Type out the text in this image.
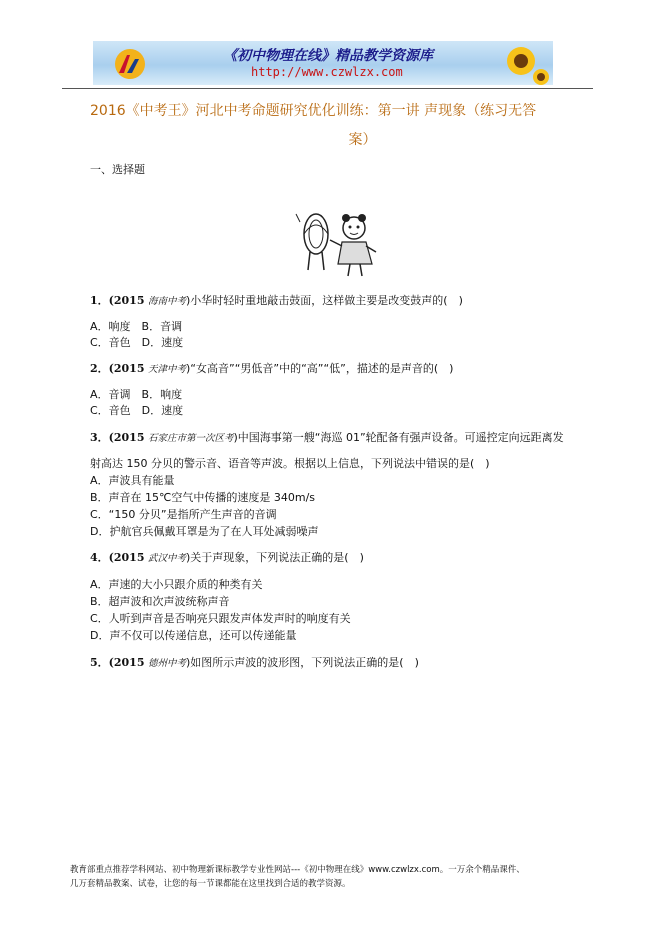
《初中物理在线》精品教学资源库
http://www.czwlzx.com
2016《中考王》河北中考命题研究优化训练：第一讲 声现象（练习无答
案）
一、选择题
1．(2015 海南中考)小华时轻时重地敲击鼓面，这样做主要是改变鼓声的(　)
A．响度　B．音调
C．音色　D．速度
2．(2015 天津中考)“女高音”“男低音”中的“高”“低”，描述的是声音的(　)
A．音调　B．响度
C．音色　D．速度
3．(2015 石家庄市第一次区考)中国海事第一艘“海巡 01”轮配备有强声设备。可遥控定向远距离发
射高达 150 分贝的警示音、语音等声波。根据以上信息，下列说法中错误的是(　)
A．声波具有能量
B．声音在 15℃空气中传播的速度是 340m/s
C．“150 分贝”是指所产生声音的音调
D．护航官兵佩戴耳罩是为了在人耳处减弱噪声
4．(2015 武汉中考)关于声现象，下列说法正确的是(　)
A．声速的大小只跟介质的种类有关
B．超声波和次声波统称声音
C．人听到声音是否响亮只跟发声体发声时的响度有关
D．声不仅可以传递信息，还可以传递能量
5．(2015 德州中考)如图所示声波的波形图，下列说法正确的是(　)
教育部重点推荐学科网站、初中物理新课标教学专业性网站---《初中物理在线》www.czwlzx.com。一万余个精品课件、
几万套精品教案、试卷，让您的每一节课都能在这里找到合适的教学资源。
